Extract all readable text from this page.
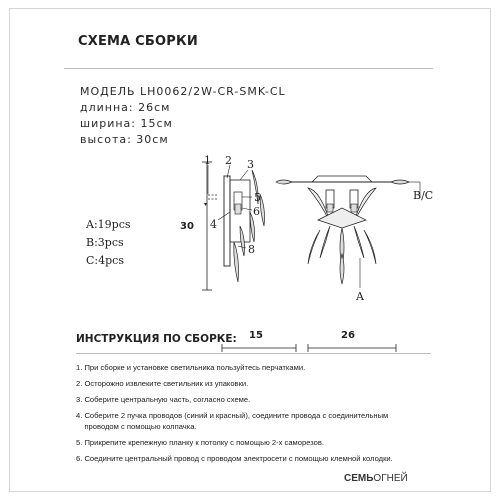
СХЕМА СБОРКИ
МОДЕЛЬ LH0062/2W-CR-SMK-CL
длинна: 26см
ширина: 15см
высота: 30см
A:19pcs
B:3pcs
C:4pcs
30
▾
1 2 3
4
5
6
8
B/C
A
15	26
ИНСТРУКЦИЯ ПО СБОРКЕ:
1. При сборке и установке светильника пользуйтесь перчатками.
2. Осторожно извлеките светильник из упаковки.
3. Соберите центральную часть, согласно схеме.
4. Соберите 2 пучка проводов (синий и красный), соедините провода с соединительным
проводом с помощью колпачка.
5. Прикрепите крепежную планку к потолку с помощью 2-х саморезов.
6. Соедините центральный провод с проводом электросети с помощью клемной колодки.
СЕМЬОГНЕЙ
